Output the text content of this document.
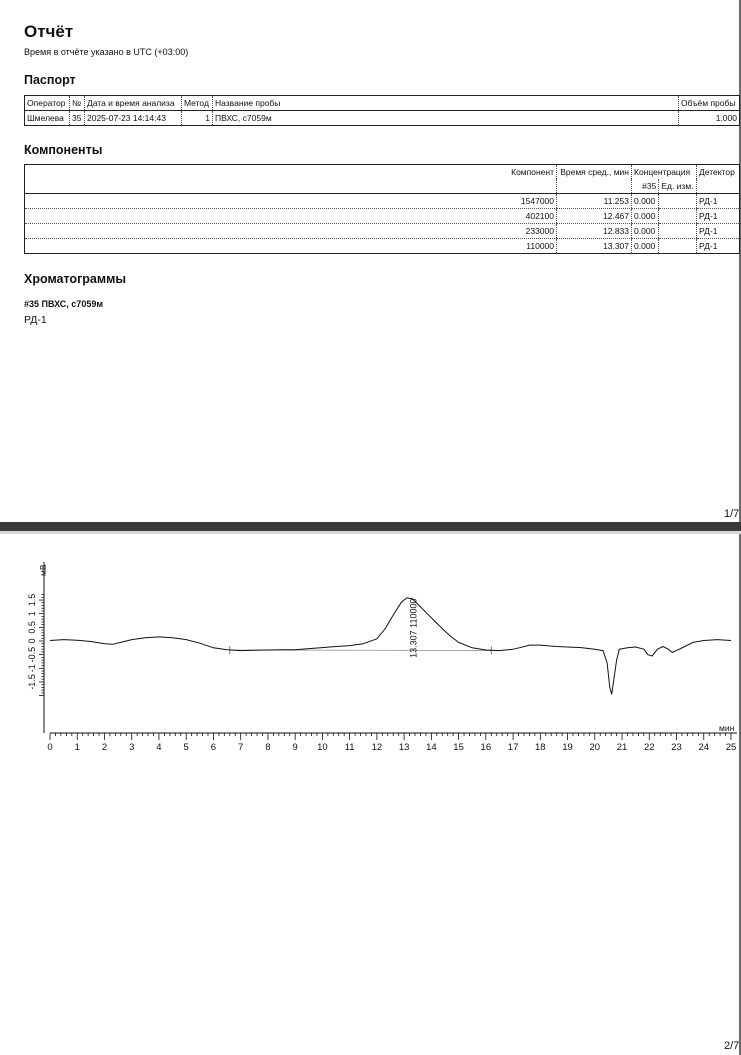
Отчёт
Время в отчёте указано в UTC (+03:00)
Паспорт
Оператор	№	Дата и время анализа	Метод	Название пробы	Объём пробы
Шмелева	35	2025-07-23 14:14:43	1	ПВХС, с7059м	1.000
Компоненты
Компонент	Время сред., мин	Концентрация		Детектор
		#35	Ед. изм.	
1547000	11.253	0.000		РД-1
402100	12.467	0.000		РД-1
233000	12.833	0.000		РД-1
110000	13.307	0.000		РД-1
Хроматограммы
#35 ПВХС, с7059м
РД-1
1/7
0 1 2 3 4 5 6 7 8 9 10 11 12 13 14 15 16 17 18 19 20 21 22 23 24 25
мин
1.5
1
0.5
0
-0.5
-1
-1.5
мВ
13.307 110000
2/7
